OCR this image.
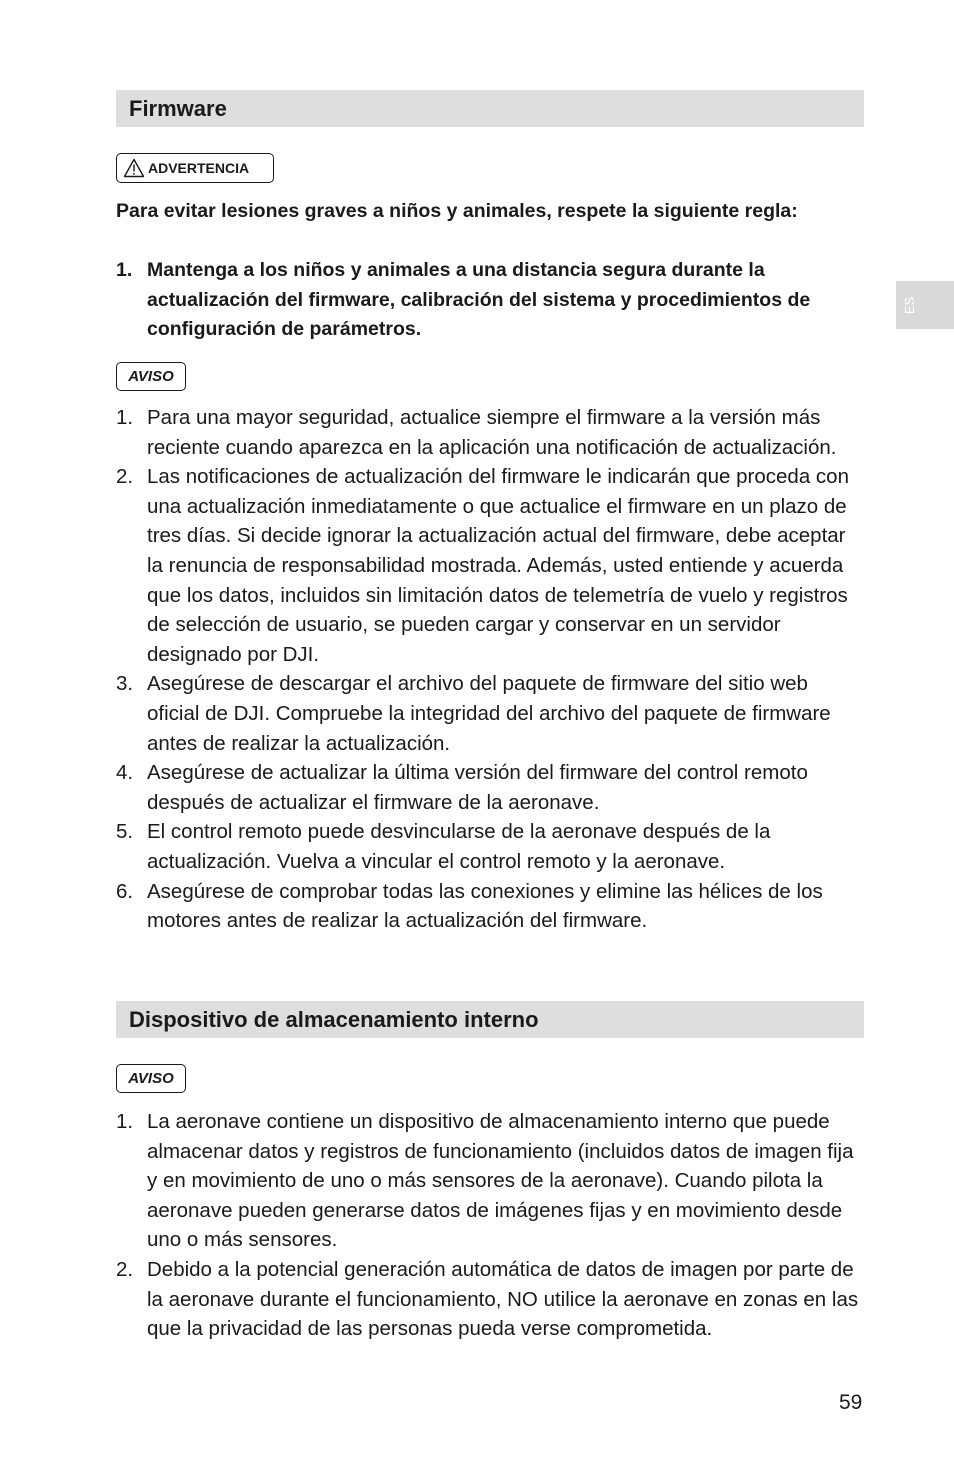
Firmware
ADVERTENCIA
Para evitar lesiones graves a niños y animales, respete la siguiente regla:
1. Mantenga a los niños y animales a una distancia segura durante la actualización del firmware, calibración del sistema y procedimientos de configuración de parámetros.
AVISO
1. Para una mayor seguridad, actualice siempre el firmware a la versión más reciente cuando aparezca en la aplicación una notificación de actualización.
2. Las notificaciones de actualización del firmware le indicarán que proceda con una actualización inmediatamente o que actualice el firmware en un plazo de tres días. Si decide ignorar la actualización actual del firmware, debe aceptar la renuncia de responsabilidad mostrada. Además, usted entiende y acuerda que los datos, incluidos sin limitación datos de telemetría de vuelo y registros de selección de usuario, se pueden cargar y conservar en un servidor designado por DJI.
3. Asegúrese de descargar el archivo del paquete de firmware del sitio web oficial de DJI. Compruebe la integridad del archivo del paquete de firmware antes de realizar la actualización.
4. Asegúrese de actualizar la última versión del firmware del control remoto después de actualizar el firmware de la aeronave.
5. El control remoto puede desvincularse de la aeronave después de la actualización. Vuelva a vincular el control remoto y la aeronave.
6. Asegúrese de comprobar todas las conexiones y elimine las hélices de los motores antes de realizar la actualización del firmware.
Dispositivo de almacenamiento interno
AVISO
1. La aeronave contiene un dispositivo de almacenamiento interno que puede almacenar datos y registros de funcionamiento (incluidos datos de imagen fija y en movimiento de uno o más sensores de la aeronave). Cuando pilota la aeronave pueden generarse datos de imágenes fijas y en movimiento desde uno o más sensores.
2. Debido a la potencial generación automática de datos de imagen por parte de la aeronave durante el funcionamiento, NO utilice la aeronave en zonas en las que la privacidad de las personas pueda verse comprometida.
ES
59
